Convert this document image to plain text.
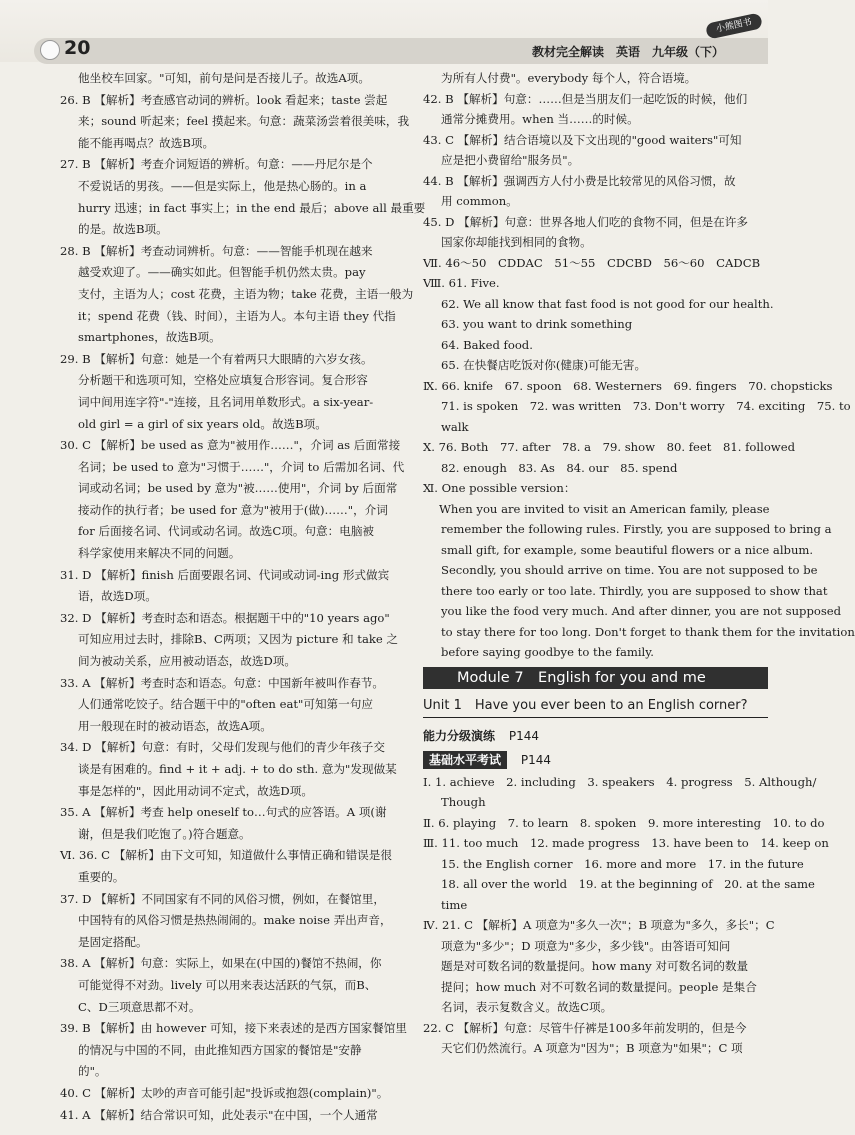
20	教材完全解读　英语　九年级（下）
小熊图书
他坐校车回家。"可知，前句是问是否接儿子。故选A项。
26. B 【解析】考查感官动词的辨析。look 看起来；taste 尝起
来；sound 听起来；feel 摸起来。句意：蔬菜汤尝着很美味，我
能不能再喝点？故选B项。
27. B 【解析】考查介词短语的辨析。句意：——丹尼尔是个
不爱说话的男孩。——但是实际上，他是热心肠的。in a
hurry 迅速；in fact 事实上；in the end 最后；above all 最重要
的是。故选B项。
28. B 【解析】考查动词辨析。句意：——智能手机现在越来
越受欢迎了。——确实如此。但智能手机仍然太贵。pay
支付，主语为人；cost 花费，主语为物；take 花费，主语一般为
it；spend 花费（钱、时间），主语为人。本句主语 they 代指
smartphones，故选B项。
29. B 【解析】句意：她是一个有着两只大眼睛的六岁女孩。
分析题干和选项可知，空格处应填复合形容词。复合形容
词中间用连字符"-"连接，且名词用单数形式。a six-year-
old girl = a girl of six years old。故选B项。
30. C 【解析】be used as 意为"被用作……"，介词 as 后面常接
名词；be used to 意为"习惯于……"，介词 to 后需加名词、代
词或动名词；be used by 意为"被……使用"，介词 by 后面常
接动作的执行者；be used for 意为"被用于(做)……"，介词
for 后面接名词、代词或动名词。故选C项。句意：电脑被
科学家使用来解决不同的问题。
31. D 【解析】finish 后面要跟名词、代词或动词-ing 形式做宾
语，故选D项。
32. D 【解析】考查时态和语态。根据题干中的"10 years ago"
可知应用过去时，排除B、C两项；又因为 picture 和 take 之
间为被动关系，应用被动语态，故选D项。
33. A 【解析】考查时态和语态。句意：中国新年被叫作春节。
人们通常吃饺子。结合题干中的"often eat"可知第一句应
用一般现在时的被动语态，故选A项。
34. D 【解析】句意：有时，父母们发现与他们的青少年孩子交
谈是有困难的。find + it + adj. + to do sth. 意为"发现做某
事是怎样的"，因此用动词不定式，故选D项。
35. A 【解析】考查 help oneself to…句式的应答语。A 项(谢
谢，但是我们吃饱了。)符合题意。
Ⅵ. 36. C 【解析】由下文可知，知道做什么事情正确和错误是很
重要的。
37. D 【解析】不同国家有不同的风俗习惯，例如，在餐馆里，
中国特有的风俗习惯是热热闹闹的。make noise 弄出声音，
是固定搭配。
38. A 【解析】句意：实际上，如果在(中国的)餐馆不热闹，你
可能觉得不对劲。lively 可以用来表达活跃的气氛，而B、
C、D三项意思都不对。
39. B 【解析】由 however 可知，接下来表述的是西方国家餐馆里
的情况与中国的不同，由此推知西方国家的餐馆是"安静
的"。
40. C 【解析】太吵的声音可能引起"投诉或抱怨(complain)"。
41. A 【解析】结合常识可知，此处表示"在中国，一个人通常
为所有人付费"。everybody 每个人，符合语境。
42. B 【解析】句意：……但是当朋友们一起吃饭的时候，他们
通常分摊费用。when 当……的时候。
43. C 【解析】结合语境以及下文出现的"good waiters"可知
应是把小费留给"服务员"。
44. B 【解析】强调西方人付小费是比较常见的风俗习惯，故
用 common。
45. D 【解析】句意：世界各地人们吃的食物不同，但是在许多
国家你却能找到相同的食物。
Ⅶ. 46～50　CDDAC　51～55　CDCBD　56～60　CADCB
Ⅷ. 61. Five.
62. We all know that fast food is not good for our health.
63. you want to drink something
64. Baked food.
65. 在快餐店吃饭对你(健康)可能无害。
Ⅸ. 66. knife　67. spoon　68. Westerners　69. fingers　70. chopsticks
71. is spoken　72. was written　73. Don't worry　74. exciting　75. to
walk
Ⅹ. 76. Both　77. after　78. a　79. show　80. feet　81. followed
82. enough　83. As　84. our　85. spend
Ⅺ. One possible version：
When you are invited to visit an American family, please
remember the following rules. Firstly, you are supposed to bring a
small gift, for example, some beautiful flowers or a nice album.
Secondly, you should arrive on time. You are not supposed to be
there too early or too late. Thirdly, you are supposed to show that
you like the food very much. And after dinner, you are not supposed
to stay there for too long. Don't forget to thank them for the invitation
before saying goodbye to the family.
Module 7　English for you and me
Unit 1　Have you ever been to an English corner?
能力分级演练 P144
基础水平考试 P144
Ⅰ. 1. achieve　2. including　3. speakers　4. progress　5. Although/
Though
Ⅱ. 6. playing　7. to learn　8. spoken　9. more interesting　10. to do
Ⅲ. 11. too much　12. made progress　13. have been to　14. keep on
15. the English corner　16. more and more　17. in the future
18. all over the world　19. at the beginning of　20. at the same
time
Ⅳ. 21. C 【解析】A 项意为"多久一次"；B 项意为"多久，多长"；C
项意为"多少"；D 项意为"多少，多少钱"。由答语可知问
题是对可数名词的数量提问。how many 对可数名词的数量
提问；how much 对不可数名词的数量提问。people 是集合
名词，表示复数含义。故选C项。
22. C 【解析】句意：尽管牛仔裤是100多年前发明的，但是今
天它们仍然流行。A 项意为"因为"；B 项意为"如果"；C 项
